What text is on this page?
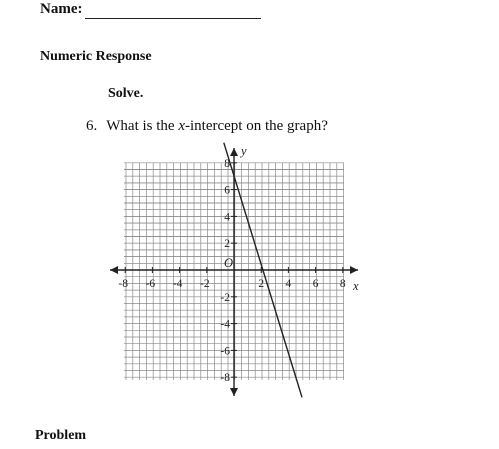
Name:
Numeric Response
Solve.
6. What is the x-intercept on the graph?
-8 -6 -4 -2	2 4 6 8
8
6
4
2
-2
-4
-6
-8
O
x
y
Problem
